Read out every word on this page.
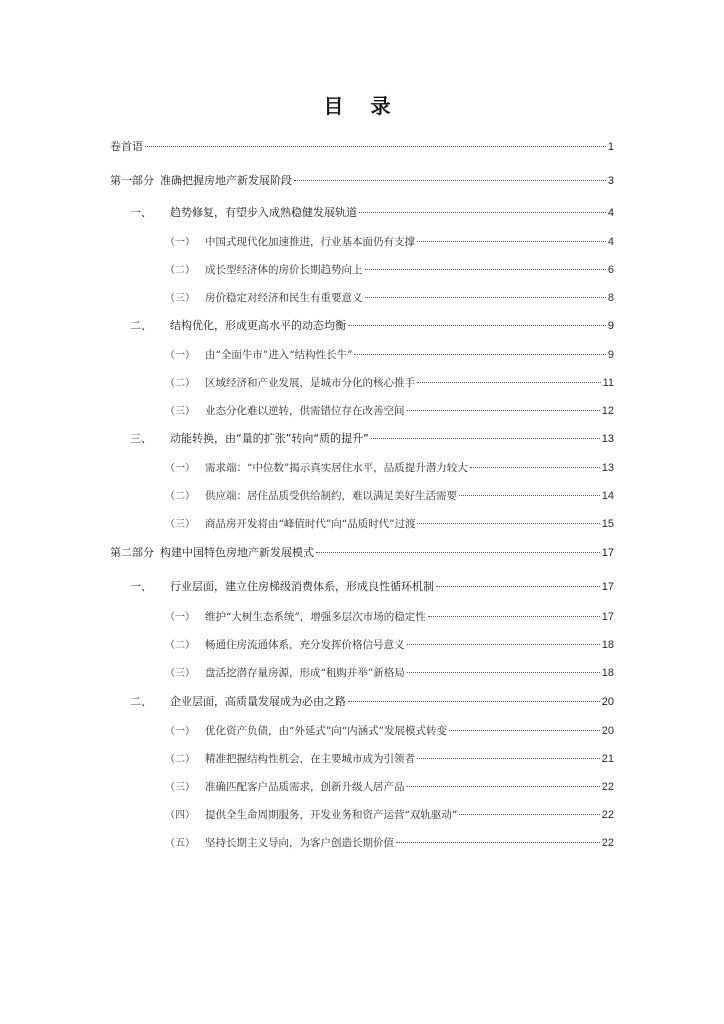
目 录
卷首语	1
第一部分 准确把握房地产新发展阶段	3
一、	趋势修复，有望步入成熟稳健发展轨道	4
（一） 中国式现代化加速推进，行业基本面仍有支撑	4
（二） 成长型经济体的房价长期趋势向上	6
（三） 房价稳定对经济和民生有重要意义	8
二、	结构优化，形成更高水平的动态均衡	9
（一） 由“全面牛市”进入“结构性长牛”	9
（二） 区域经济和产业发展，是城市分化的核心推手	11
（三） 业态分化难以逆转，供需错位存在改善空间	12
三、	动能转换，由“量的扩张”转向“质的提升”	13
（一） 需求端：“中位数”揭示真实居住水平，品质提升潜力较大	13
（二） 供应端：居住品质受供给制约，难以满足美好生活需要	14
（三） 商品房开发将由“峰值时代”向“品质时代”过渡	15
第二部分 构建中国特色房地产新发展模式	17
一、	行业层面，建立住房梯级消费体系，形成良性循环机制	17
（一） 维护“大树生态系统”，增强多层次市场的稳定性	17
（二） 畅通住房流通体系，充分发挥价格信号意义	18
（三） 盘活挖潜存量房源，形成“租购并举”新格局	18
二、	企业层面，高质量发展成为必由之路	20
（一） 优化资产负债，由“外延式”向“内涵式”发展模式转变	20
（二） 精准把握结构性机会，在主要城市成为引领者	21
（三） 准确匹配客户品质需求，创新升级人居产品	22
（四） 提供全生命周期服务，开发业务和资产运营“双轨驱动”	22
（五） 坚持长期主义导向，为客户创造长期价值	22
